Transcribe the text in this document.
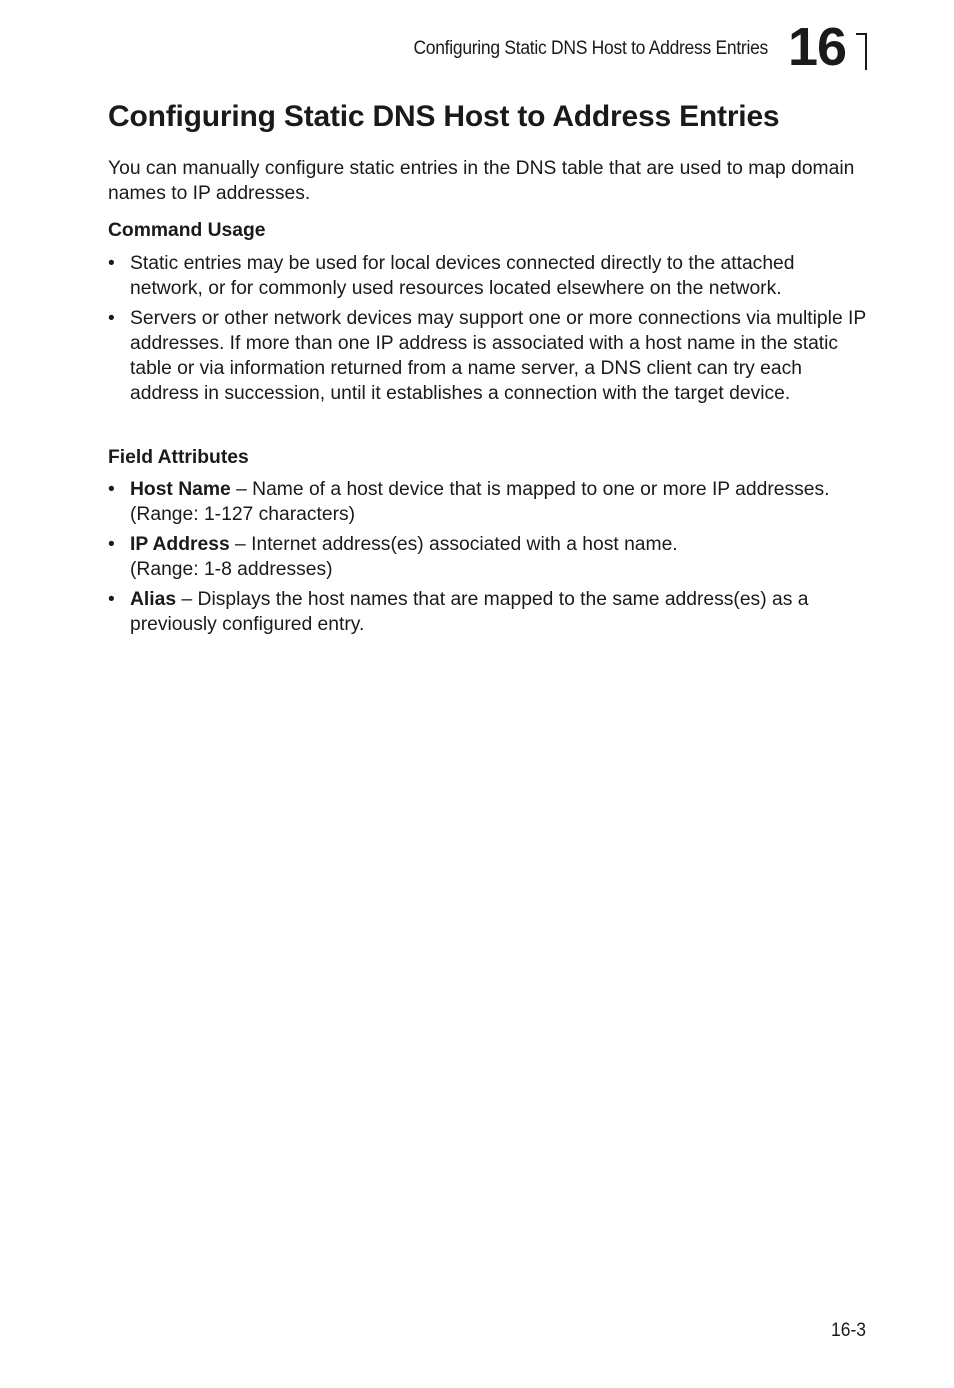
Configuring Static DNS Host to Address Entries 16
Configuring Static DNS Host to Address Entries

You can manually configure static entries in the DNS table that are used to map domain names to IP addresses.

Command Usage
• Static entries may be used for local devices connected directly to the attached network, or for commonly used resources located elsewhere on the network.
• Servers or other network devices may support one or more connections via multiple IP addresses. If more than one IP address is associated with a host name in the static table or via information returned from a name server, a DNS client can try each address in succession, until it establishes a connection with the target device.
Field Attributes
• Host Name – Name of a host device that is mapped to one or more IP addresses.
(Range: 1-127 characters)
• IP Address – Internet address(es) associated with a host name.
(Range: 1-8 addresses)
• Alias – Displays the host names that are mapped to the same address(es) as a previously configured entry.
16-3
